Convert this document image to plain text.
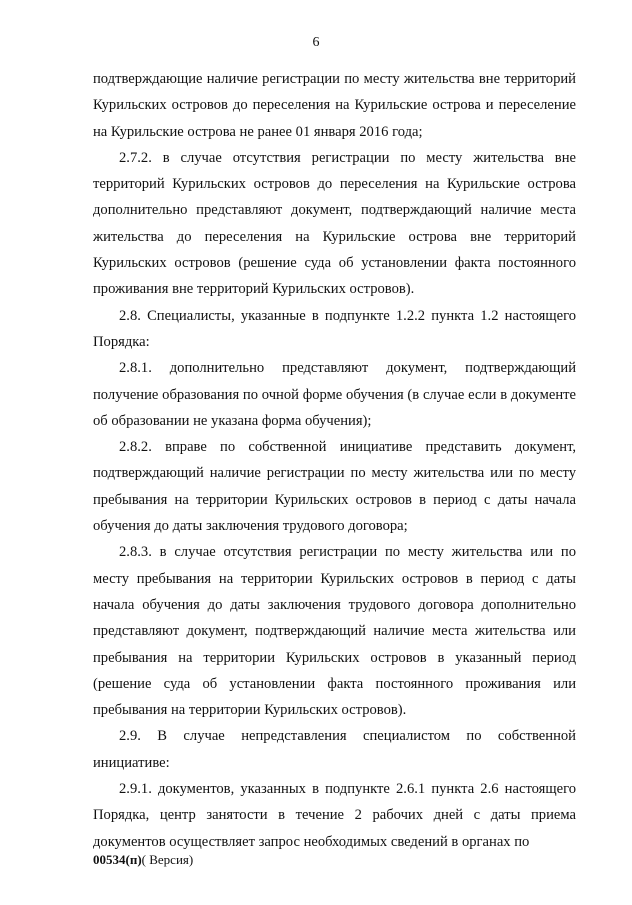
6

подтверждающие наличие регистрации по месту жительства вне территорий Курильских островов до переселения на Курильские острова и переселение на Курильские острова не ранее 01 января 2016 года;

2.7.2. в случае отсутствия регистрации по месту жительства вне территорий Курильских островов до переселения на Курильские острова дополнительно представляют документ, подтверждающий наличие места жительства до переселения на Курильские острова вне территорий Курильских островов (решение суда об установлении факта постоянного проживания вне территорий Курильских островов).

2.8. Специалисты, указанные в подпункте 1.2.2 пункта 1.2 настоящего Порядка:

2.8.1. дополнительно представляют документ, подтверждающий получение образования по очной форме обучения (в случае если в документе об образовании не указана форма обучения);

2.8.2. вправе по собственной инициативе представить документ, подтверждающий наличие регистрации по месту жительства или по месту пребывания на территории Курильских островов в период с даты начала обучения до даты заключения трудового договора;

2.8.3. в случае отсутствия регистрации по месту жительства или по месту пребывания на территории Курильских островов в период с даты начала обучения до даты заключения трудового договора дополнительно представляют документ, подтверждающий наличие места жительства или пребывания на территории Курильских островов в указанный период (решение суда об установлении факта постоянного проживания или пребывания на территории Курильских островов).

2.9. В случае непредставления специалистом по собственной инициативе:

2.9.1. документов, указанных в подпункте 2.6.1 пункта 2.6 настоящего Порядка, центр занятости в течение 2 рабочих дней с даты приема документов осуществляет запрос необходимых сведений в органах по

00534(п)( Версия)
